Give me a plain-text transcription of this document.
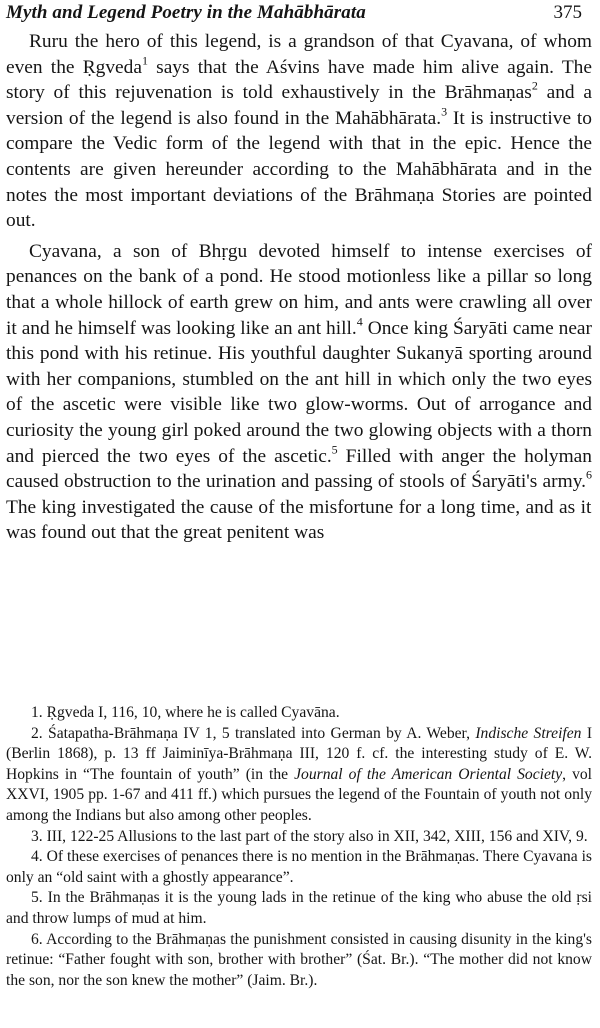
Myth and Legend Poetry in the Mahābhārata	375

Ruru the hero of this legend, is a grandson of that Cyavana, of whom even the Ṛgveda$^1$ says that the Aśvins have made him alive again. The story of this rejuvenation is told exhaustively in the Brāhmaṇas$^2$ and a version of the legend is also found in the Mahābhārata.$^3$ It is instructive to compare the Vedic form of the legend with that in the epic. Hence the contents are given hereunder according to the Mahābhārata and in the notes the most important deviations of the Brāhmaṇa Stories are pointed out.

Cyavana, a son of Bhṛgu devoted himself to intense exercises of penances on the bank of a pond. He stood motionless like a pillar so long that a whole hillock of earth grew on him, and ants were crawling all over it and he himself was looking like an ant hill.$^4$ Once king Śaryāti came near this pond with his retinue. His youthful daughter Sukanyā sporting around with her companions, stumbled on the ant hill in which only the two eyes of the ascetic were visible like two glow-worms. Out of arrogance and curiosity the young girl poked around the two glowing objects with a thorn and pierced the two eyes of the ascetic.$^5$ Filled with anger the holyman caused obstruction to the urination and passing of stools of Śaryāti's army.$^6$ The king investigated the cause of the misfortune for a long time, and as it was found out that the great penitent was

1. Ṛgveda I, 116, 10, where he is called Cyavāna.

2. Śatapatha-Brāhmaṇa IV 1, 5 translated into German by A. Weber, Indische Streifen I (Berlin 1868), p. 13 ff Jaiminīya-Brāhmaṇa III, 120 f. cf. the interesting study of E. W. Hopkins in “The fountain of youth” (in the Journal of the American Oriental Society, vol XXVI, 1905 pp. 1-67 and 411 ff.) which pursues the legend of the Fountain of youth not only among the Indians but also among other peoples.

3. III, 122-25 Allusions to the last part of the story also in XII, 342, XIII, 156 and XIV, 9.

4. Of these exercises of penances there is no mention in the Brāhmaṇas. There Cyavana is only an “old saint with a ghostly appearance”.

5. In the Brāhmaṇas it is the young lads in the retinue of the king who abuse the old ṛsi and throw lumps of mud at him.

6. According to the Brāhmaṇas the punishment consisted in causing disunity in the king's retinue: “Father fought with son, brother with brother” (Śat. Br.). “The mother did not know the son, nor the son knew the mother” (Jaim. Br.).
